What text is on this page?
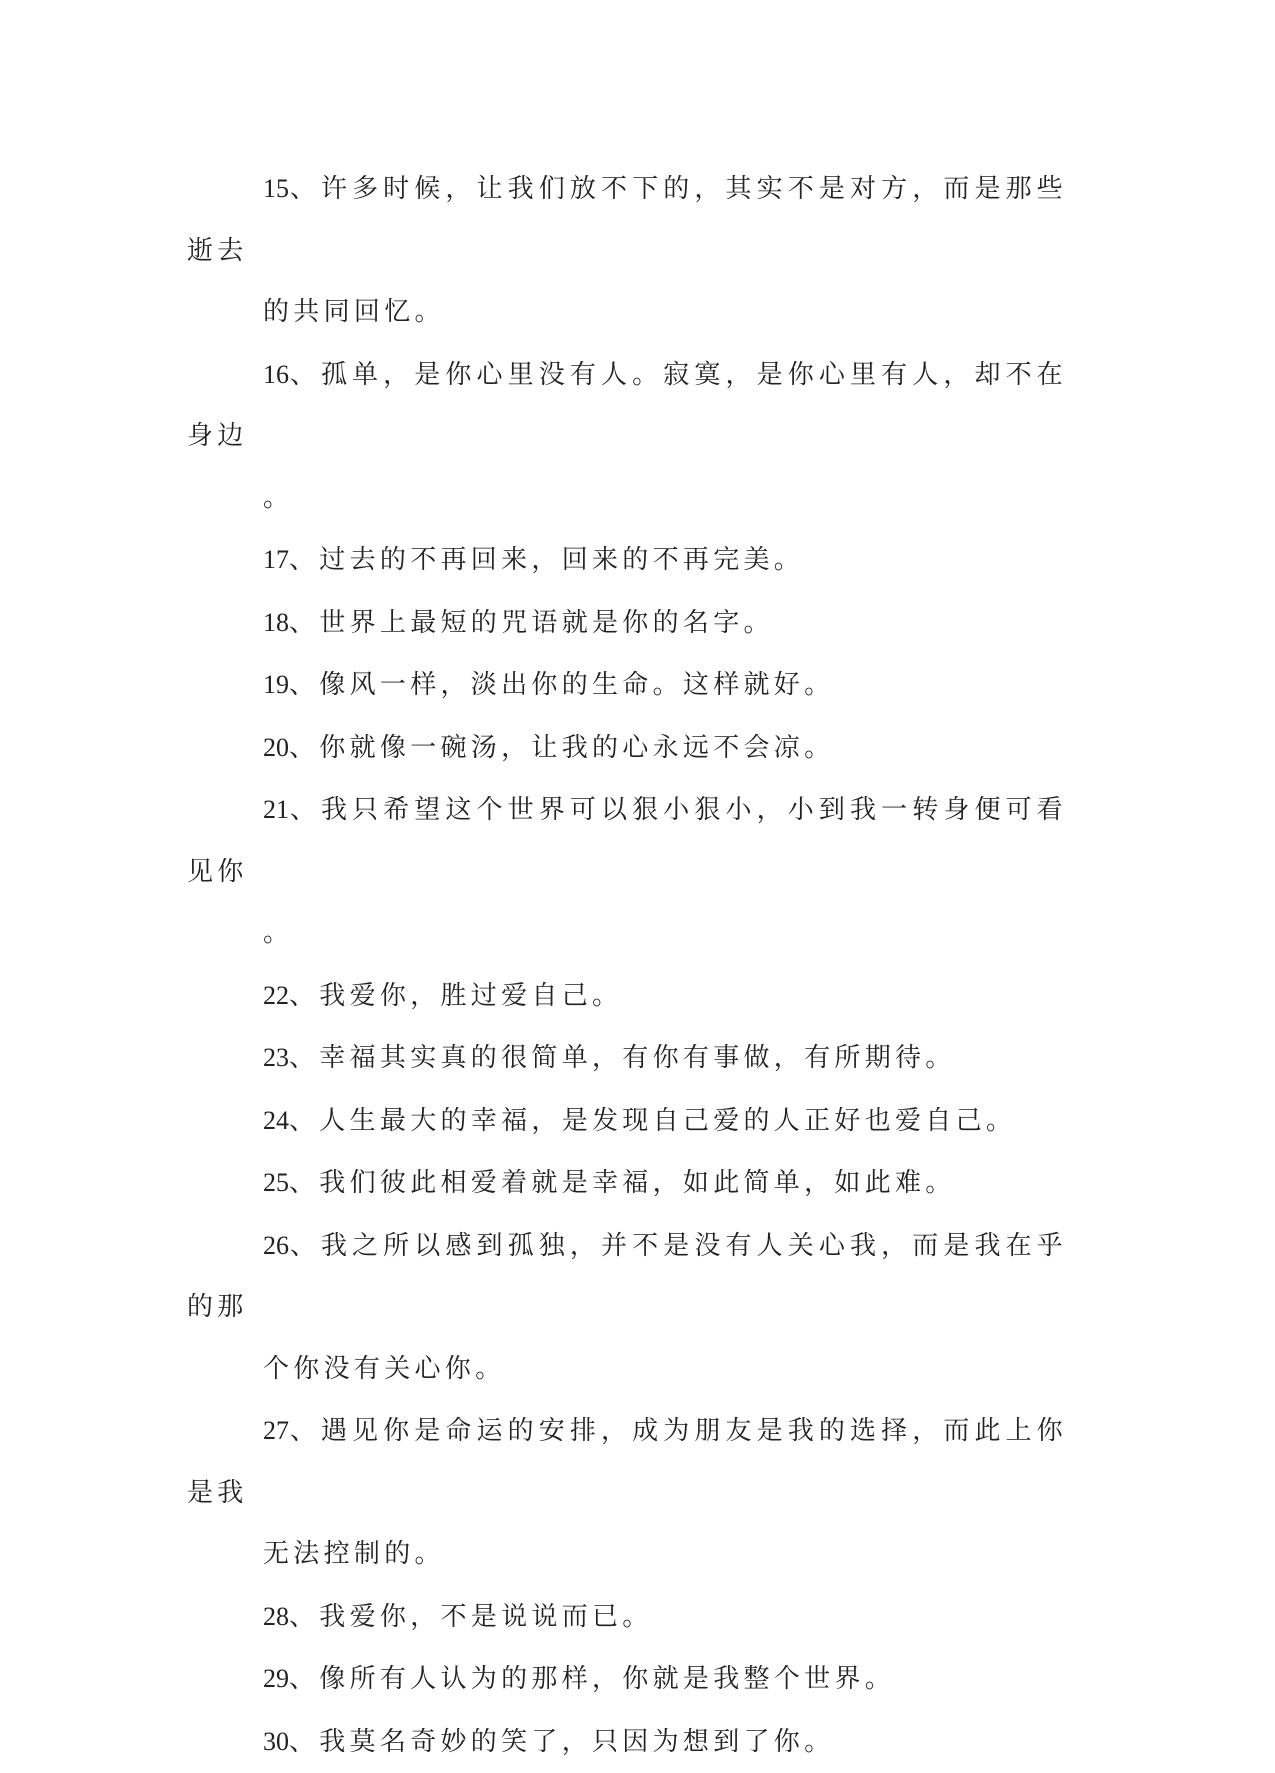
15、许多时候，让我们放不下的，其实不是对方，而是那些逝去
的共同回忆。

16、孤单，是你心里没有人。寂寞，是你心里有人，却不在身边
。

17、过去的不再回来，回来的不再完美。

18、世界上最短的咒语就是你的名字。

19、像风一样，淡出你的生命。这样就好。

20、你就像一碗汤，让我的心永远不会凉。

21、我只希望这个世界可以狠小狠小，小到我一转身便可看见你
。

22、我爱你，胜过爱自己。

23、幸福其实真的很简单，有你有事做，有所期待。

24、人生最大的幸福，是发现自己爱的人正好也爱自己。

25、我们彼此相爱着就是幸福，如此简单，如此难。

26、我之所以感到孤独，并不是没有人关心我，而是我在乎的那
个你没有关心你。

27、遇见你是命运的安排，成为朋友是我的选择，而此上你是我
无法控制的。

28、我爱你，不是说说而已。

29、像所有人认为的那样，你就是我整个世界。

30、我莫名奇妙的笑了，只因为想到了你。
